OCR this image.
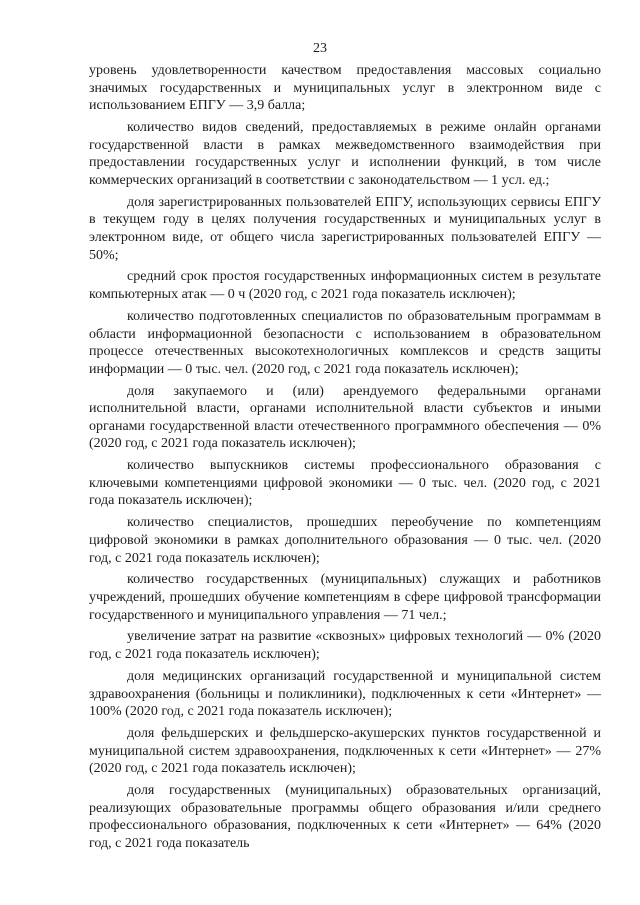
23

уровень удовлетворенности качеством предоставления массовых социально значимых государственных и муниципальных услуг в электронном виде с использованием ЕПГУ — 3,9 балла;

количество видов сведений, предоставляемых в режиме онлайн органами государственной власти в рамках межведомственного взаимодействия при предоставлении государственных услуг и исполнении функций, в том числе коммерческих организаций в соответствии с законодательством — 1 усл. ед.;

доля зарегистрированных пользователей ЕПГУ, использующих сервисы ЕПГУ в текущем году в целях получения государственных и муниципальных услуг в электронном виде, от общего числа зарегистрированных пользователей ЕПГУ — 50%;

средний срок простоя государственных информационных систем в результате компьютерных атак — 0 ч (2020 год, с 2021 года показатель исключен);

количество подготовленных специалистов по образовательным программам в области информационной безопасности с использованием в образовательном процессе отечественных высокотехнологичных комплексов и средств защиты информации — 0 тыс. чел. (2020 год, с 2021 года показатель исключен);

доля закупаемого и (или) арендуемого федеральными органами исполнительной власти, органами исполнительной власти субъектов и иными органами государственной власти отечественного программного обеспечения — 0% (2020 год, с 2021 года показатель исключен);

количество выпускников системы профессионального образования с ключевыми компетенциями цифровой экономики — 0 тыс. чел. (2020 год, с 2021 года показатель исключен);

количество специалистов, прошедших переобучение по компетенциям цифровой экономики в рамках дополнительного образования — 0 тыс. чел. (2020 год, с 2021 года показатель исключен);

количество государственных (муниципальных) служащих и работников учреждений, прошедших обучение компетенциям в сфере цифровой трансформации государственного и муниципального управления — 71 чел.;

увеличение затрат на развитие «сквозных» цифровых технологий — 0% (2020 год, с 2021 года показатель исключен);

доля медицинских организаций государственной и муниципальной систем здравоохранения (больницы и поликлиники), подключенных к сети «Интернет» — 100% (2020 год, с 2021 года показатель исключен);

доля фельдшерских и фельдшерско-акушерских пунктов государственной и муниципальной систем здравоохранения, подключенных к сети «Интернет» — 27% (2020 год, с 2021 года показатель исключен);

доля государственных (муниципальных) образовательных организаций, реализующих образовательные программы общего образования и/или среднего профессионального образования, подключенных к сети «Интернет» — 64% (2020 год, с 2021 года показатель
